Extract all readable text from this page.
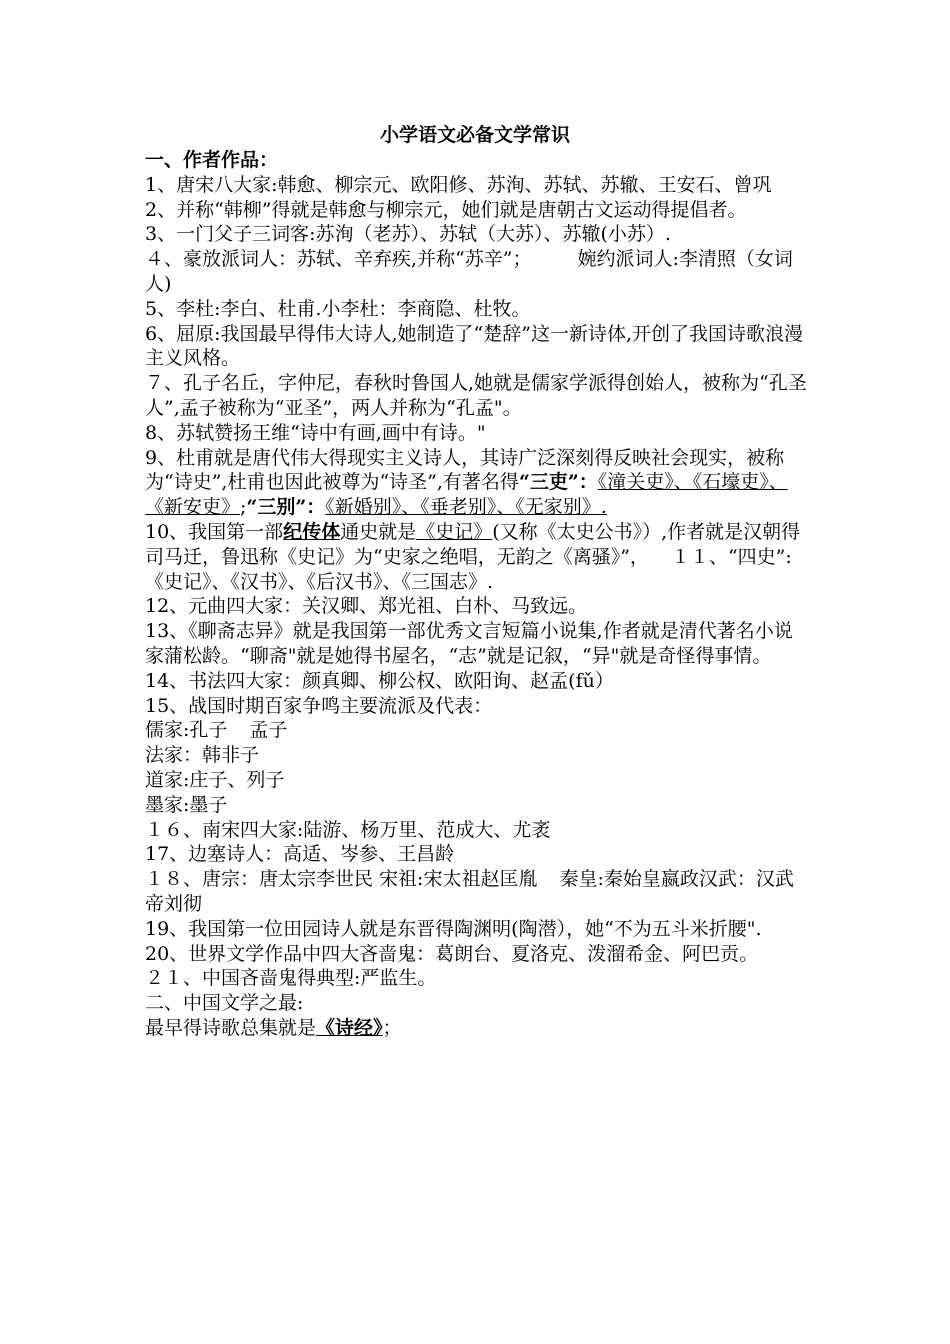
小学语文必备文学常识

一、作者作品：

1、唐宋八大家:韩愈、柳宗元、欧阳修、苏洵、苏轼、苏辙、王安石、曾巩

2、并称“韩柳”得就是韩愈与柳宗元，她们就是唐朝古文运动得提倡者。

3、一门父子三词客:苏洵（老苏）、苏轼（大苏）、苏辙(小苏）.

４、豪放派词人：苏轼、辛弃疾,并称“苏辛”； 婉约派词人:李清照（女词人)

5、李杜:李白、杜甫.小李杜：李商隐、杜牧。

6、屈原:我国最早得伟大诗人,她制造了“楚辞”这一新诗体,开创了我国诗歌浪漫主义风格。

７、孔子名丘，字仲尼，春秋时鲁国人,她就是儒家学派得创始人，被称为“孔圣人”,孟子被称为“亚圣”，两人并称为“孔孟"。

8、苏轼赞扬王维“诗中有画,画中有诗。"

9、杜甫就是唐代伟大得现实主义诗人，其诗广泛深刻得反映社会现实，被称为“诗史”,杜甫也因此被尊为“诗圣”,有著名得“三吏”：《潼关吏》、《石壕吏》、《新安吏》;“三别”：《新婚别》、《垂老别》、《无家别》.

10、我国第一部纪传体通史就是《史记》(又称《太史公书》）,作者就是汉朝得司马迁，鲁迅称《史记》为“史家之绝唱，无韵之《离骚》”， １１、“四史”:《史记》、《汉书》、《后汉书》、《三国志》.

12、元曲四大家：关汉卿、郑光祖、白朴、马致远。

13、《聊斋志异》就是我国第一部优秀文言短篇小说集,作者就是清代著名小说家蒲松龄。“聊斋"就是她得书屋名，“志”就是记叙，“异"就是奇怪得事情。

14、书法四大家：颜真卿、柳公权、欧阳询、赵孟(fǔ）

15、战国时期百家争鸣主要流派及代表：

儒家:孔子 孟子

法家：韩非子

道家:庄子、列子

墨家:墨子

１６、南宋四大家:陆游、杨万里、范成大、尤袤

17、边塞诗人：高适、岑参、王昌龄

１８、唐宗：唐太宗李世民 宋祖:宋太祖赵匡胤 秦皇:秦始皇嬴政汉武：汉武帝刘彻

19、我国第一位田园诗人就是东晋得陶渊明(陶潜），她“不为五斗米折腰".

20、世界文学作品中四大吝啬鬼：葛朗台、夏洛克、泼溜希金、阿巴贡。

２１、中国吝啬鬼得典型:严监生。

二、中国文学之最:

最早得诗歌总集就是《诗经》；
